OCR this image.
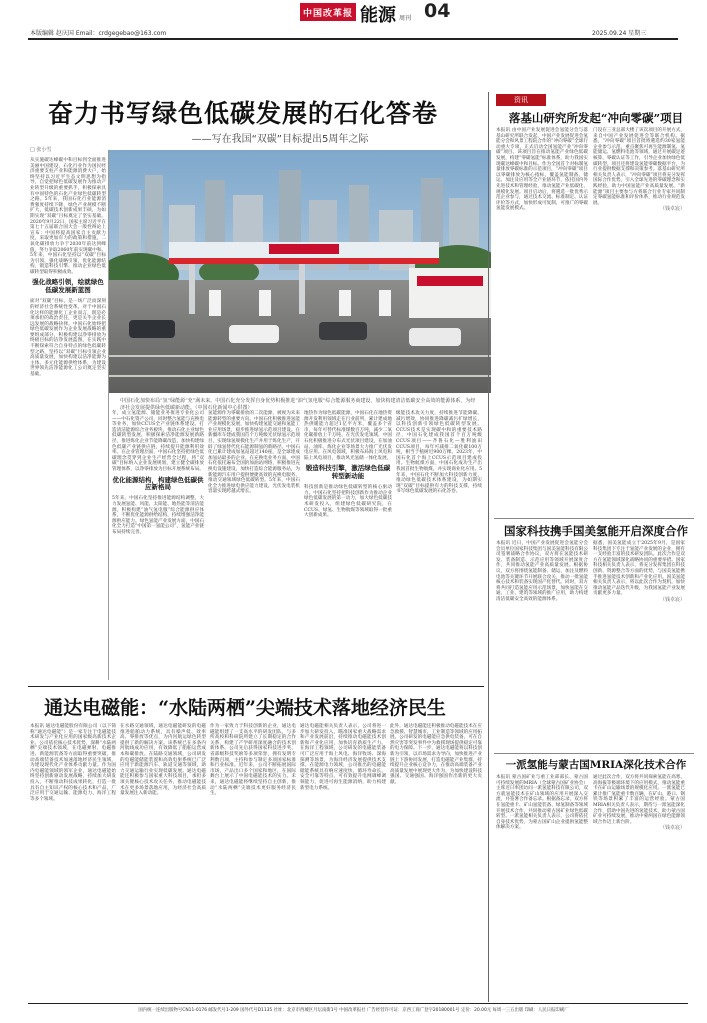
本版编辑 赵庆国 Email：crdgegebao@163.com
中国改革报 能源 周刊 04
2025.09.24 星期三
奋力书写绿色低碳发展的石化答卷
——写在我国“双碳”目标提出5周年之际
□ 张小雪
从实施碳达峰碳中和目标到全面推进美丽中国建设，石化行业作为国民经济重要支柱产业和能源消费大户，始终坚持以习近平生态文明思想为指导，自觉把绿色低碳发展作为推动产业转型升级的重要抓手，积极探索具有中国特色的石化产业绿色低碳转型之路。5年来，我国石化行业能源消费强度持续下降，绿色产业规模不断扩大，低碳技术创新成果丰硕，为如期实现“双碳”目标奠定了坚实基础。2020年9月22日，国家主席习近平在第七十五届联合国大会一般性辩论上宣布：中国将提高国家自主贡献力度，采取更加有力的政策和措施，二氧化碳排放力争于2030年前达到峰值，努力争取2060年前实现碳中和。5年来，中国石化坚持以“双碳”目标为引领，强化战略引领，优化能源结构，锻造科技引擎，推动企业绿色低碳转型取得积极成效。

强化战略引领，绘就绿色低碳发展新蓝图
面对“双碳”目标，是一场广泛而深刻的经济社会系统性变革。对于中国石化这样的能源化工企业而言，既是必须承担的政治责任，更是关乎企业长远发展的战略抉择。中国石化始终把绿色低碳发展作为企业发展战略的重要组成部分，积极构建以净零排放为终极目标的洁净发展蓝图，在实践中不断探索符合自身特点的绿色低碳转型之路，坚持以“双碳”目标引领企业高质量发展，加快构建以洁净能源为主体、多元化能源供给体系，为建设世界领先洁净能源化工公司奠定坚实基础。
中国石化加快布局“氢”绿能源“充”满未来。中国石化充分发挥自身优势积极推进“油气氢电服”综合能源服务商建设，加快构建清洁低碳安全高效的能源体系，为经济社会发展提供绿色低碳新动能。（中国石化新闻中心供图）
年，成立氢能源、储能业务推进专业化公司——中石化资产公司，同时整合氢能与充换电等业务，加快CCUS全产业链体系建设。打造清洁能源综合业务板块，推动石化主业绿色低碳转型发展，积极探索洁净能源发展新路径，推进炼化企业节能降碳改造，加快构建绿色低碳产业链供应链，持续提升能源利用效率。在企业管理层面，中国石化坚持把绿色低碳理念贯穿到企业生产经营全过程，将“双碳”目标纳入企业发展规划，建立健全碳排放管理体系，以净零排放为目标开展系统布局。

优化能源结构，构建绿色低碳供应新格局
5年来，中国石化坚持推进能源结构调整，大力发展氢能、风能、太阳能、地热能等清洁能源，积极构建“油气氢电服”综合能源供应体系，不断优化能源供给结构，持续增强洁净能源供应能力。绿色氢能产业发展方面，中国石化全力打造“中国第一氢能公司”，氢能产业链布局持续完善。
氢能源作为零碳排放的二次能源，被视为未来能源转型的重要方向。中国石化积极推进氢能产业规模化发展，加快构建氢能交通和氢能工业应用场景，稳步推进绿氢示范项目建设。在新疆库车建成我国首个万吨级光伏绿氢示范项目，实现绿氢规模化生产并用于炼化生产，开辟了绿氢替代化石能源制氢的新路径。中国石化已累计建成加氢站超过140座，是全球建成加氢站最多的企业。在充换电业务方面，中国石化依托遍布全国的加油站网络，积极推进充换电设施建设，加快打造综合能源服务站，为新能源汽车用户提供便捷高效的充换电服务，推动交通领域绿色低碳转型。5年来，中国石化全力推进绿电供应能力建设，光伏发电装机容量实现跨越式增长。
地热作为绿色低碳能源，中国石化在地热资源开发利用领域走在行业前列，累计建成地热供暖能力超过1亿平方米，覆盖多个省市，每年可替代标准煤数百万吨，减少二氧化碳排放上千万吨。在光伏发电领域，中国石化积极推进分布式光伏项目建设，在加油站、油库、炼化企业等场景大力推广光伏发电应用。在风电领域，积极布局海上风电和陆上风电项目，推动风光氢储一体化发展。

锻造科技引擎，激活绿色低碳转型新动能
科技创新是推动绿色低碳转型的核心驱动力。中国石化坚持把科技创新作为推动企业绿色低碳发展的第一动力，加大绿色低碳技术研发投入，组建绿色低碳研究院，在CCUS、绿氢、生物航煤等领域取得一批重大创新成果。
级能技术攻关力度，持续推进节能降碳、减污增效，协同推进降碳减污扩绿增长，以科技创新引领绿色低碳转型发展。CCUS技术是实现碳中和的重要技术路径，中国石化建成我国首个百万吨级CCUS项目——齐鲁石化—胜利油田CCUS项目，每年可减排二氧化碳100万吨，相当于植树近900万棵。2023年，中国石化首个海上CCUS示范项目建成投用。生物航煤方面，中国石化成功生产出我国首批生物航煤，并实现商业化应用。5年来，中国石化不断加大科技创新力度，推动绿色低碳技术体系建设，为如期实现“双碳”目标提供有力的科技支撑，持续书写绿色低碳发展的石化答卷。
通达电磁能：“水陆两栖”尖端技术落地经济民生
本报讯 通达电磁能股份有限公司（以下简称“通达电磁能”）是一家专注于电磁能技术研发与产业化应用的国家级高新技术企业。公司依托核心技术优势，深耕“水陆两栖”尖端技术领域，在电磁弹射、电磁推进、新能源装备等方面取得重要突破，推动高端装备技术加速落地经济民生领域，为建设现代化产业体系贡献力量。作为国内电磁能领域的领军企业，通达电磁能始终坚持创新驱动发展战略，持续加大研发投入，不断推动科技成果转化，打造一批具有自主知识产权的核心技术和产品，广泛应用于交通运输、能源电力、海洋工程等多个领域。
在水路交通领域，通达电磁能研发的电磁推进船舶动力系统，具有噪声低、效率高、零排放等优点，为内河航运绿色转型提供了新的解决方案。该系统已在多条内河航线成功应用，有效降低了船舶运营成本和碳排放。在陆路交通领域，公司研发的电磁能储能装置和高效电驱系统已广泛应用于新能源汽车、轨道交通等领域，助力交通运输行业实现低碳发展。通达电磁能还积极参与国家重大科技项目，承担多项关键核心技术攻关任务，推动电磁能技术在更多场景落地应用，为经济社会高质量发展注入新动能。
作为一家致力于科技创新的企业，通达电磁能组建了一支高水平的研发团队，与多所高校和科研院所建立了长期稳定的合作关系，构建了产学研用深度融合的技术创新体系。公司先后获得国家科技进步奖、省部级科技奖励等多项荣誉，拥有发明专利数百项，主持和参与制定多项国家标准和行业标准。近年来，公司不断拓展国际市场，产品出口多个国家和地区，在国际舞台上展示了中国电磁能技术的实力。未来，通达电磁能将继续坚持自主创新，推动“水陆两栖”尖端技术更好服务经济民生。
通达电磁能相关负责人表示，公司将进一步加大研发投入，瞄准国家重大战略需求和产业发展前沿，持续推动电磁能技术创新和产业化应用，加快培育新质生产力。在海洋工程领域，公司研发的电磁能装备可广泛应用于海上风电、海洋牧场、深海探测等场景，为海洋经济发展提供技术支撑。在能源电力领域，公司推出的电磁能储能系统具有响应速度快、循环寿命长、安全可靠等特点，可有效提升电网调峰调频能力，促进可再生能源消纳，助力构建新型电力系统。
此外，通达电磁能还积极推动电磁能技术在应急救援、智慧城市、工业制造等领域的应用拓展。公司研发的电磁能应急供电装备，可在自然灾害等突发事件中为救援现场提供稳定可靠的电力保障。下一步，通达电磁能将以科技创新为引领，以市场需求为导向，加快推进产业链上下游协同发展，打造电磁能产业集群，持续提升企业核心竞争力，在推动高端装备产业高质量发展中展现更大作为，为加快建设科技强国、交通强国、海洋强国作出新的更大贡献。
资讯
落基山研究所发起“冲向零碳”项目
本报讯 由中国产业发展促进会氢能分会与落基山研究所联合发起，中国产业发展促进会氢能分会和风景工程院合作的“冲向零碳”全球行动重大专项，正式启动全国氢能产业“冲向零碳”项目。该项目旨在推动氢能产业绿色低碳发展，构建“零碳氢能”标准体系，助力我国实现碳达峰碳中和目标。作为全国首个对标制氢量排放零碳标准的示范项目，“冲向零碳”项目以零碳排放为核心指标，覆盖氢能制备、储运、加注及应用等全产业链环节，依托国内外先进技术和管理经验，推动氢能产业低碳化、规模化发展。项目启动后，将遴选一批优秀示范企业参与，通过技术交流、标准制定、认证评价等方式，加快形成可复制、可推广的零碳氢能发展模式。
门设在三亚总部大楼了该次项目的开展方式，来自中国产业发展促进会等联合机构。据悉，“冲向零碳”项目首批将遴选约30家氢能企业参与示范，重点聚焦可再生能源制氢、氢能储运、氢燃料电池等领域，通过开展碳足迹核算、零碳认证等工作，引导企业加快绿色低碳转型。项目还将建设氢能零碳数据平台，为行业提供数据支撑和决策参考。落基山研究所相关负责人表示，“冲向零碳”项目将充分发挥国际合作优势，引入全球先进的零碳理念和实践经验，助力中国氢能产业高质量发展。“新能源”项目主要参与方将联合行业专家共同制定零碳氢能标准和评价体系，推动行业规范发展。

（钱卓宸）
国家科技携手国美氢能开启深度合作
本报讯 近日，中国产业发展促进会氢能分会会员单位国家科技集团与国美氢能科技有限公司签署战略合作协议，双方将在氢能技术研发、装备制造、示范应用等领域开展深度合作，共同推动氢能产业高质量发展。根据协议，双方将围绕氢能制备、储运、加注及燃料电池等关键环节开展联合攻关，推动一批氢能核心技术和装备实现国产化替代。同时，双方将共同打造氢能应用示范场景，加快氢能在交通、工业、建筑等领域的推广应用，助力构建清洁低碳安全高效的能源体系。
据悉，国美氢能成立于2025年9月，是国家科技集团下专注于氢能产业发展的企业，拥有一支经验丰富的技术研发团队。此次合作是双方在氢能领域深化战略协同的重要举措。国家科技相关负责人表示，将充分发挥集团在科技创新、资源整合等方面的优势，与国美氢能携手推进氢能技术创新和产业化应用。国美氢能相关负责人表示，将以此次合作为契机，加快推动氢能产品迭代升级，为我国氢能产业发展贡献更多力量。

（钱卓宸）
一派氢能与蒙古国MRIA深化技术合作
本报讯 蒙古国矿业与重工业部部长、蒙古国可持续发展的MRIA（全球蒙古国矿业协会）主席近日率团访问一派氢能科技有限公司，双方就氢能技术在矿山领域的应用开展深入交流，并签署合作备忘录。根据备忘录，双方将在氢能重卡、矿山氢能装备、绿氢制备等领域开展技术合作，共同推动蒙古国矿业绿色低碳转型。一派氢能相关负责人表示，公司将依托自身技术优势，为蒙古国矿山企业提供氢能整体解决方案。
通过此次合作，双方将共同探索氢能在高寒、高海拔等极端环境下的应用模式，推动氢能重卡在矿山运输场景的规模化应用。一派氢能已累计推广氢能重卡数百辆，在矿山、港口、钢铁等场景积累了丰富的运营经验。蒙古国MRIA相关负责人表示，期待与一派氢能深化合作，借助中国先进的氢能技术，助力蒙古国矿业可持续发展，推动中蒙两国在绿色能源领域合作迈上新台阶。

（钱卓宸）
国内统一连续出版物号CN11-0176 邮发代号1-209 国外代号D1135 社址：北京市西城区月坛南街1号 中国改革报社 广告经营许可证：京西工商广登字20180001号 定价：20.00元 每周一三五出版 印刷：人民日报印刷厂
